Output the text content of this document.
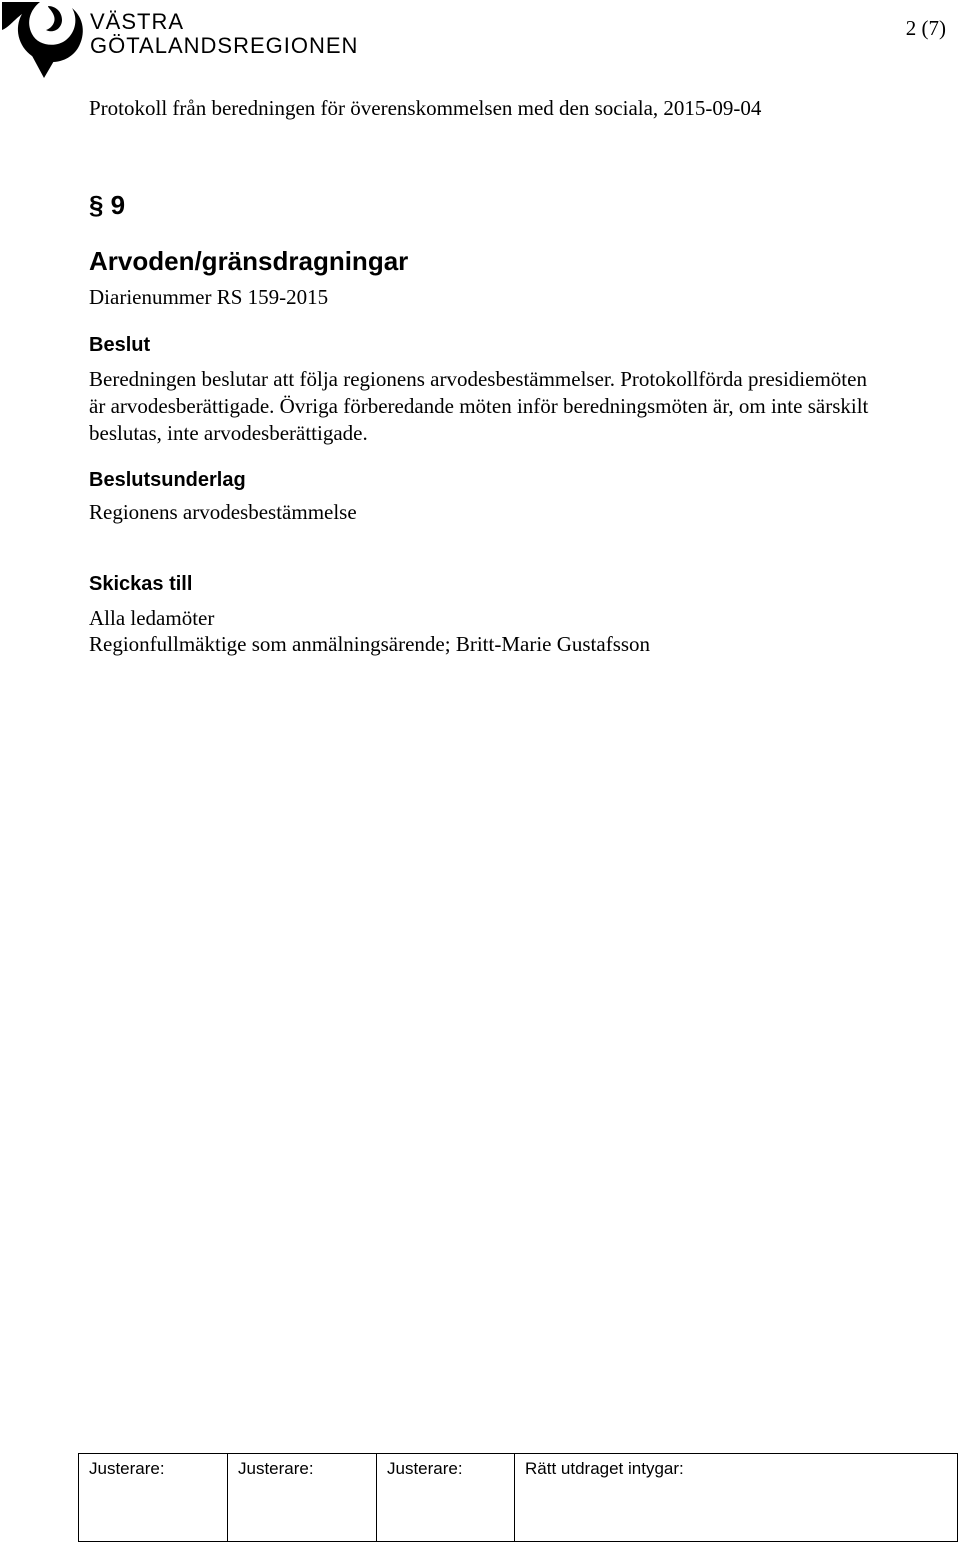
VÄSTRA
GÖTALANDSREGIONEN
2 (7)
Protokoll från beredningen för överenskommelsen med den sociala, 2015-09-04
§ 9
Arvoden/gränsdragningar
Diarienummer RS 159-2015
Beslut
Beredningen beslutar att följa regionens arvodesbestämmelser. Protokollförda presidiemöten är arvodesberättigade. Övriga förberedande möten inför beredningsmöten är, om inte särskilt beslutas, inte arvodesberättigade.
Beslutsunderlag
Regionens arvodesbestämmelse
Skickas till
Alla ledamöter
Regionfullmäktige som anmälningsärende; Britt-Marie Gustafsson
Justerare:	Justerare:	Justerare:	Rätt utdraget intygar:
